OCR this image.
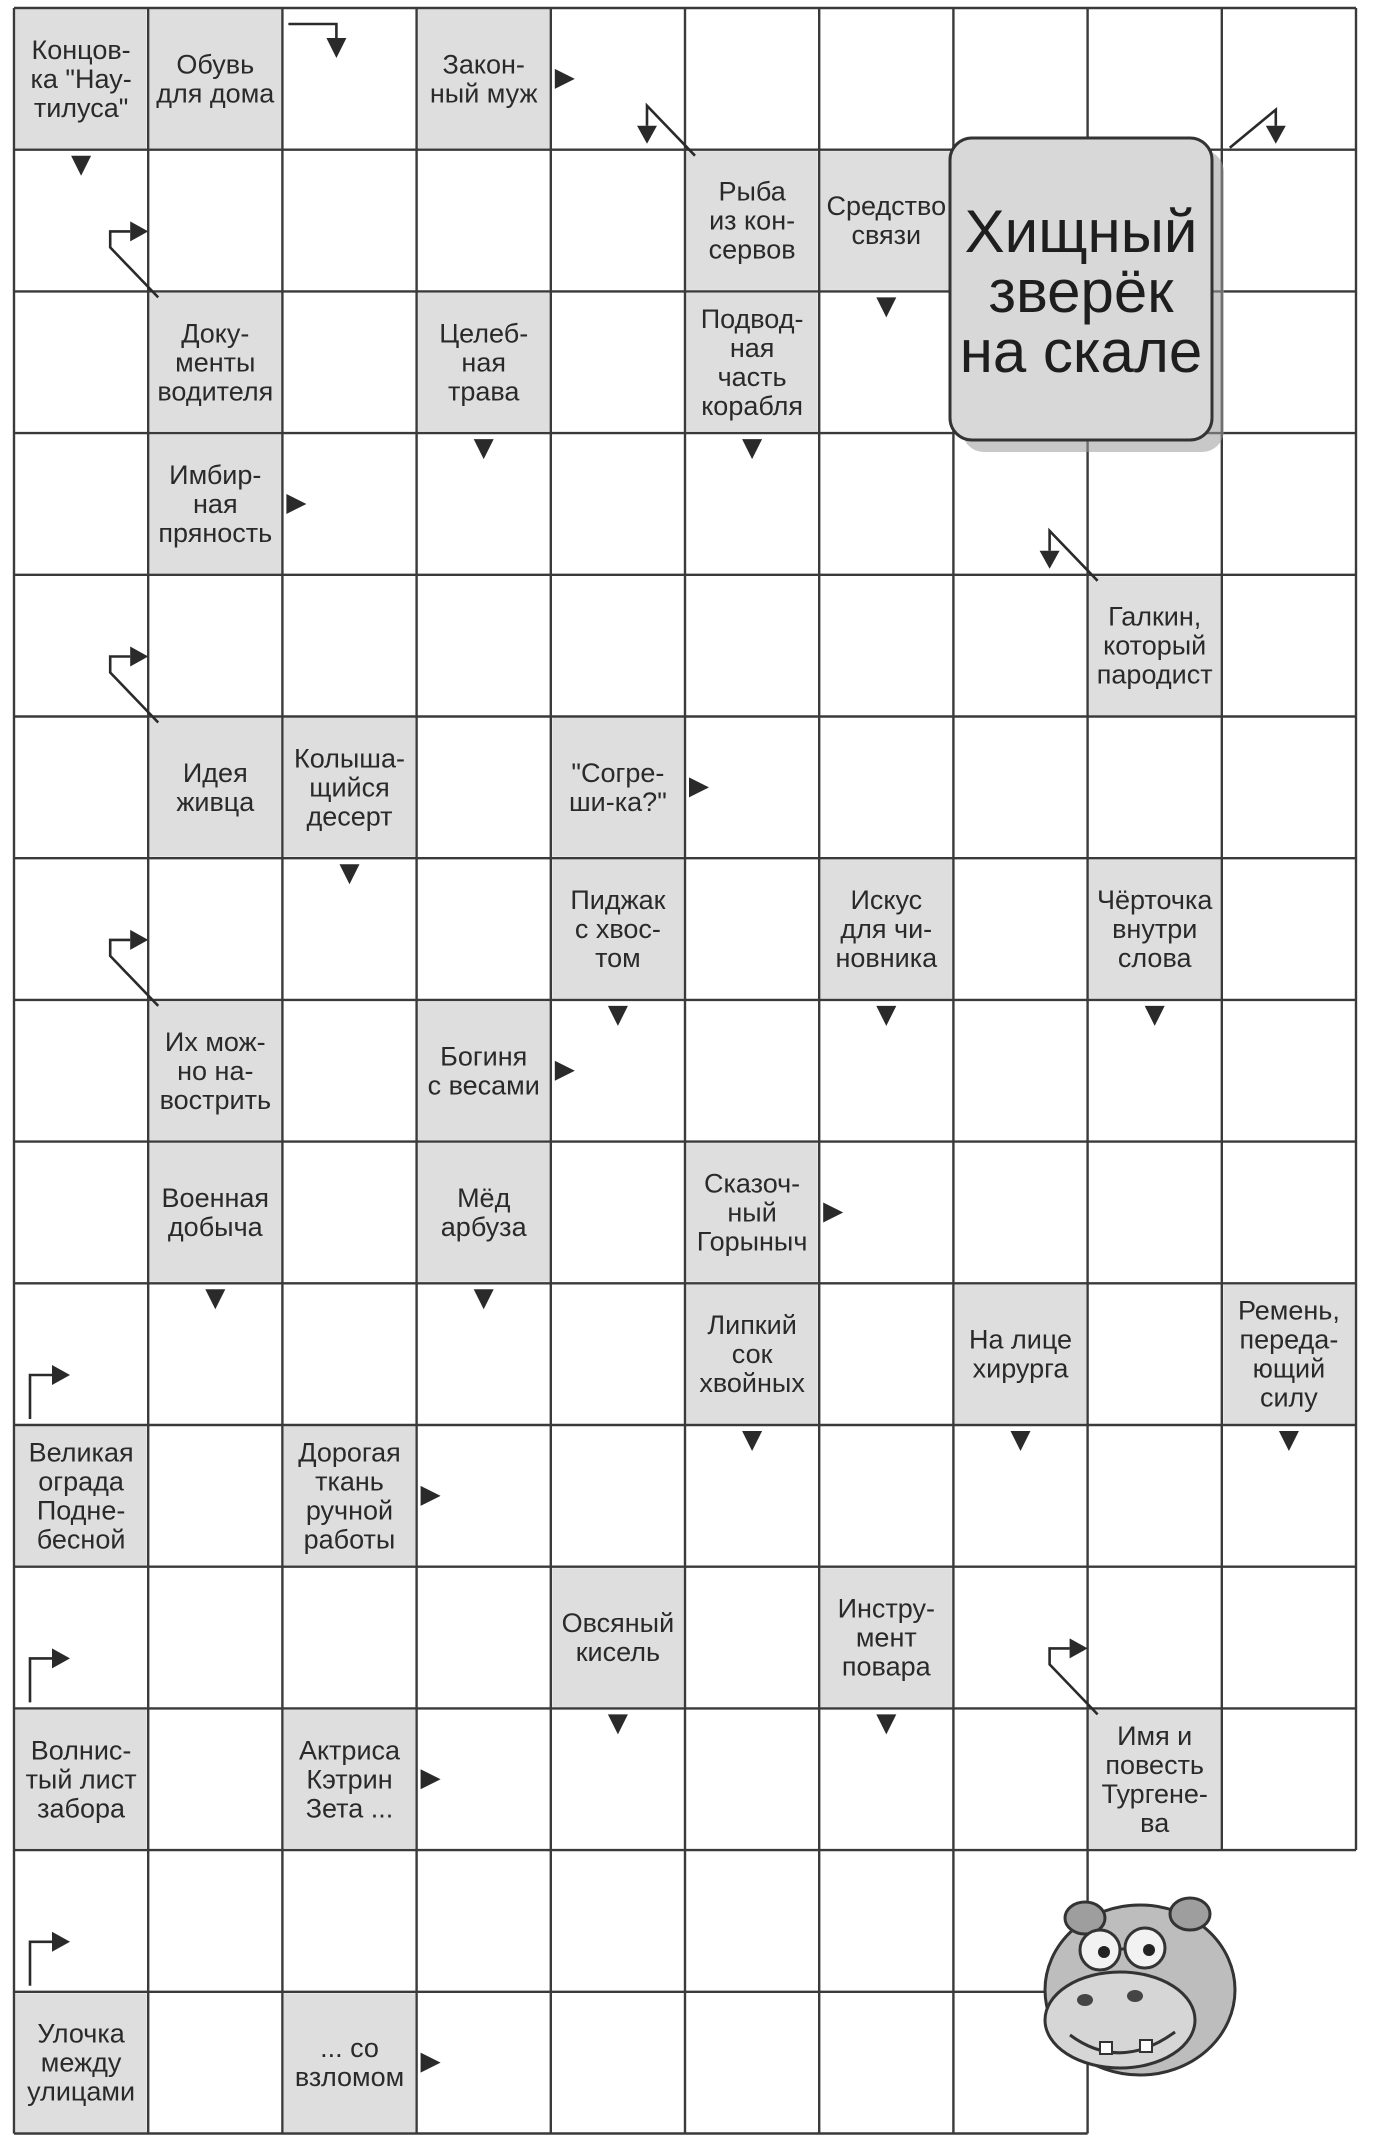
Концов-
ка "Нау-
тилуса"
Обувь
для дома
Закон-
ный муж
Рыба
из кон-
сервов
Средство
связи
Доку-
менты
водителя
Целеб-
ная
трава
Подвод-
ная
часть
корабля
Имбир-
ная
пряность
Галкин,
который
пародист
Идея
живца
Колыша-
щийся
десерт
"Согре-
ши-ка?"
Пиджак
с хвос-
том
Искус
для чи-
новника
Чёрточка
внутри
слова
Их мож-
но на-
вострить
Богиня
с весами
Военная
добыча
Мёд
арбуза
Сказоч-
ный
Горыныч
Липкий
сок
хвойных
На лице
хирурга
Ремень,
переда-
ющий
силу
Великая
ограда
Подне-
бесной
Дорогая
ткань
ручной
работы
Овсяный
кисель
Инстру-
мент
повара
Волнис-
тый лист
забора
Актриса
Кэтрин
Зета ...
Имя и
повесть
Тургене-
ва
Улочка
между
улицами
... со
взломом
Хищный
зверёк
на скале
